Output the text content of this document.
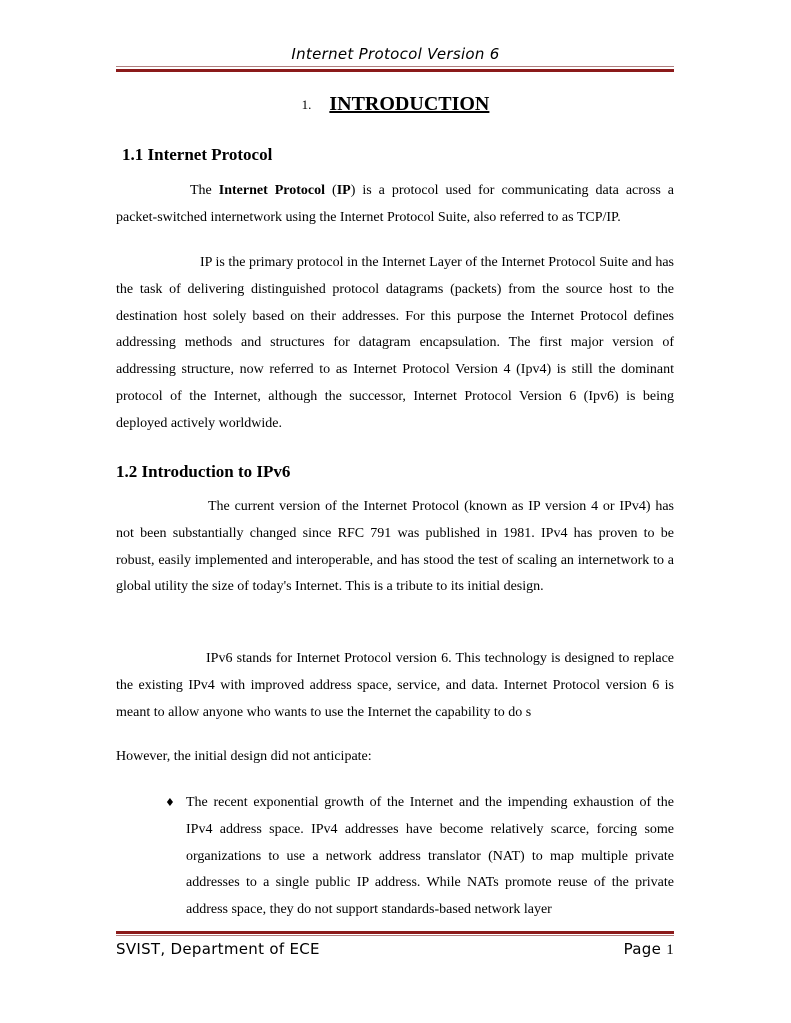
Internet Protocol Version 6
1. INTRODUCTION
1.1 Internet Protocol
The Internet Protocol (IP) is a protocol used for communicating data across a packet-switched internetwork using the Internet Protocol Suite, also referred to as TCP/IP.
IP is the primary protocol in the Internet Layer of the Internet Protocol Suite and has the task of delivering distinguished protocol datagrams (packets) from the source host to the destination host solely based on their addresses. For this purpose the Internet Protocol defines addressing methods and structures for datagram encapsulation. The first major version of addressing structure, now referred to as Internet Protocol Version 4 (Ipv4) is still the dominant protocol of the Internet, although the successor, Internet Protocol Version 6 (Ipv6) is being deployed actively worldwide.
1.2 Introduction to IPv6
The current version of the Internet Protocol (known as IP version 4 or IPv4) has not been substantially changed since RFC 791 was published in 1981. IPv4 has proven to be robust, easily implemented and interoperable, and has stood the test of scaling an internetwork to a global utility the size of today's Internet. This is a tribute to its initial design.
IPv6 stands for Internet Protocol version 6. This technology is designed to replace the existing IPv4 with improved address space, service, and data. Internet Protocol version 6 is meant to allow anyone who wants to use the Internet the capability to do s
However, the initial design did not anticipate:
♦ The recent exponential growth of the Internet and the impending exhaustion of the IPv4 address space. IPv4 addresses have become relatively scarce, forcing some organizations to use a network address translator (NAT) to map multiple private addresses to a single public IP address. While NATs promote reuse of the private address space, they do not support standards-based network layer
SVIST, Department of ECE	Page 1
